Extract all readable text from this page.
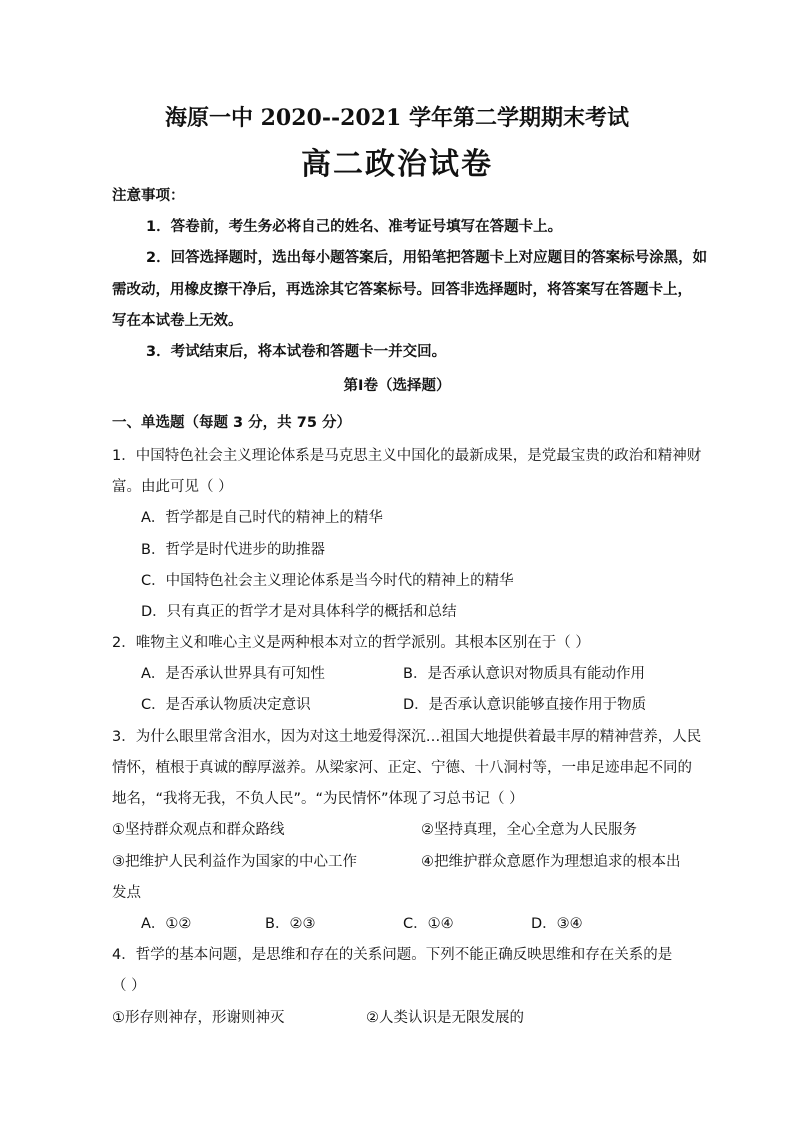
海原一中 2020--2021 学年第二学期期末考试
高二政治试卷
注意事项：
1．答卷前，考生务必将自己的姓名、准考证号填写在答题卡上。
2．回答选择题时，选出每小题答案后，用铅笔把答题卡上对应题目的答案标号涂黑，如
需改动，用橡皮擦干净后，再选涂其它答案标号。回答非选择题时，将答案写在答题卡上，
写在本试卷上无效。
3．考试结束后，将本试卷和答题卡一并交回。
第Ⅰ卷（选择题）
一、单选题（每题 3 分，共 75 分）
1．中国特色社会主义理论体系是马克思主义中国化的最新成果，是党最宝贵的政治和精神财
富。由此可见（ ）
A．哲学都是自己时代的精神上的精华
B．哲学是时代进步的助推器
C．中国特色社会主义理论体系是当今时代的精神上的精华
D．只有真正的哲学才是对具体科学的概括和总结
2．唯物主义和唯心主义是两种根本对立的哲学派别。其根本区别在于（ ）
A．是否承认世界具有可知性	B．是否承认意识对物质具有能动作用
C．是否承认物质决定意识	D．是否承认意识能够直接作用于物质
3．为什么眼里常含泪水，因为对这土地爱得深沉…祖国大地提供着最丰厚的精神营养，人民
情怀，植根于真诚的醇厚滋养。从梁家河、正定、宁德、十八洞村等，一串足迹串起不同的
地名，“我将无我，不负人民”。“为民情怀”体现了习总书记（ ）
①坚持群众观点和群众路线	②坚持真理，全心全意为人民服务
③把维护人民利益作为国家的中心工作	④把维护群众意愿作为理想追求的根本出
发点
A．①②	B．②③	C．①④	D．③④
4．哲学的基本问题，是思维和存在的关系问题。下列不能正确反映思维和存在关系的是
（ ）
①形存则神存，形谢则神灭	②人类认识是无限发展的
